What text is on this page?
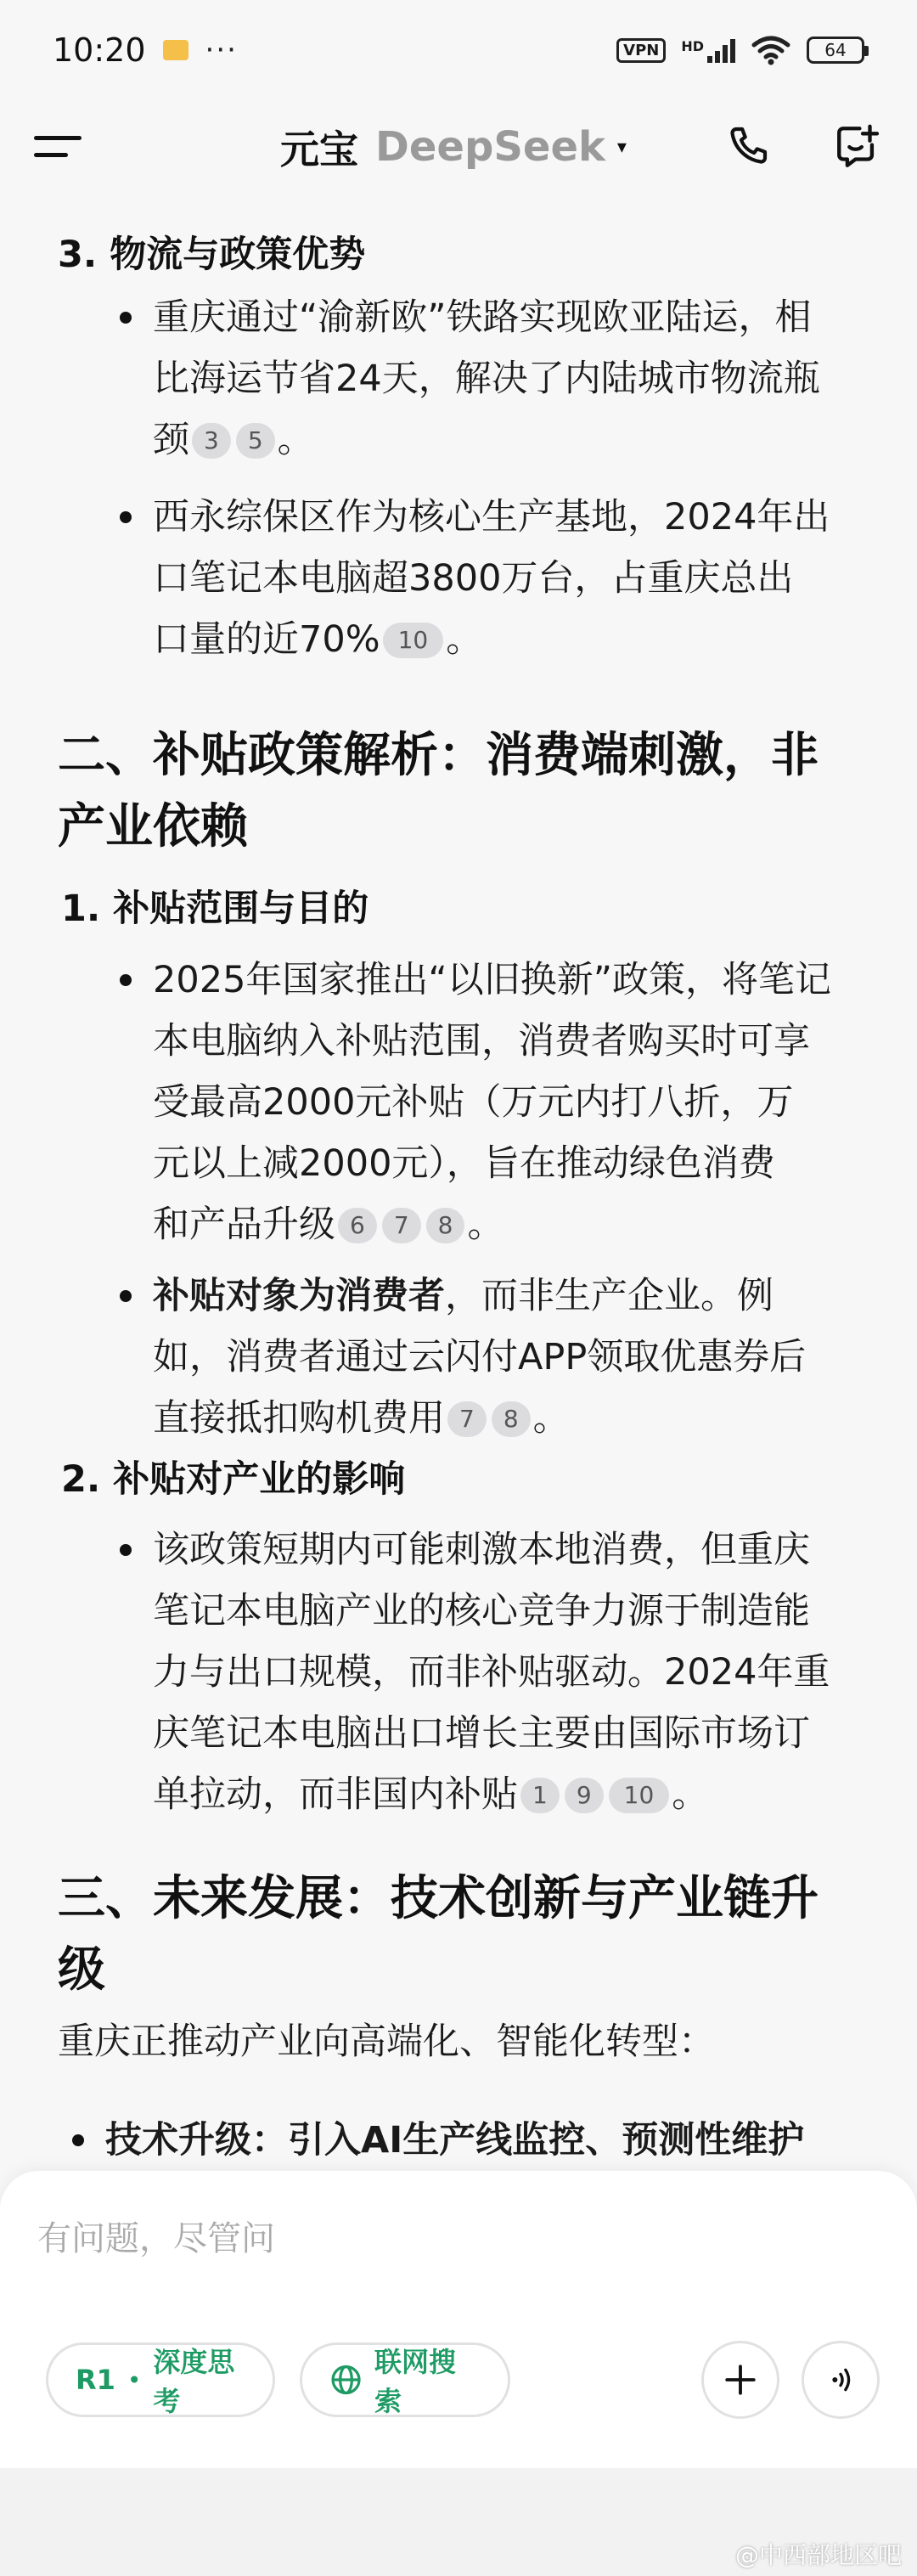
10:20 ···	VPN	HD	64
元宝 DeepSeek ▾
3. 物流与政策优势
重庆通过“渝新欧”铁路实现欧亚陆运，相
比海运节省24天，解决了内陆城市物流瓶
颈 3 5 。
西永综保区作为核心生产基地，2024年出
口笔记本电脑超3800万台，占重庆总出
口量的近70% 10 。
二、补贴政策解析：消费端刺激，非
产业依赖
1. 补贴范围与目的
2025年国家推出“以旧换新”政策，将笔记
本电脑纳入补贴范围，消费者购买时可享
受最高2000元补贴（万元内打八折，万
元以上减2000元），旨在推动绿色消费
和产品升级 6 7 8 。
补贴对象为消费者，而非生产企业。例
如，消费者通过云闪付APP领取优惠券后
直接抵扣购机费用 7 8 。
2. 补贴对产业的影响
该政策短期内可能刺激本地消费，但重庆
笔记本电脑产业的核心竞争力源于制造能
力与出口规模，而非补贴驱动。2024年重
庆笔记本电脑出口增长主要由国际市场订
单拉动，而非国内补贴 1 9 10 。
三、未来发展：技术创新与产业链升
级
重庆正推动产业向高端化、智能化转型：
技术升级：引入AI生产线监控、预测性维护
有问题，尽管问
R1 •
深度思考
联网搜索
@中西部地区吧
